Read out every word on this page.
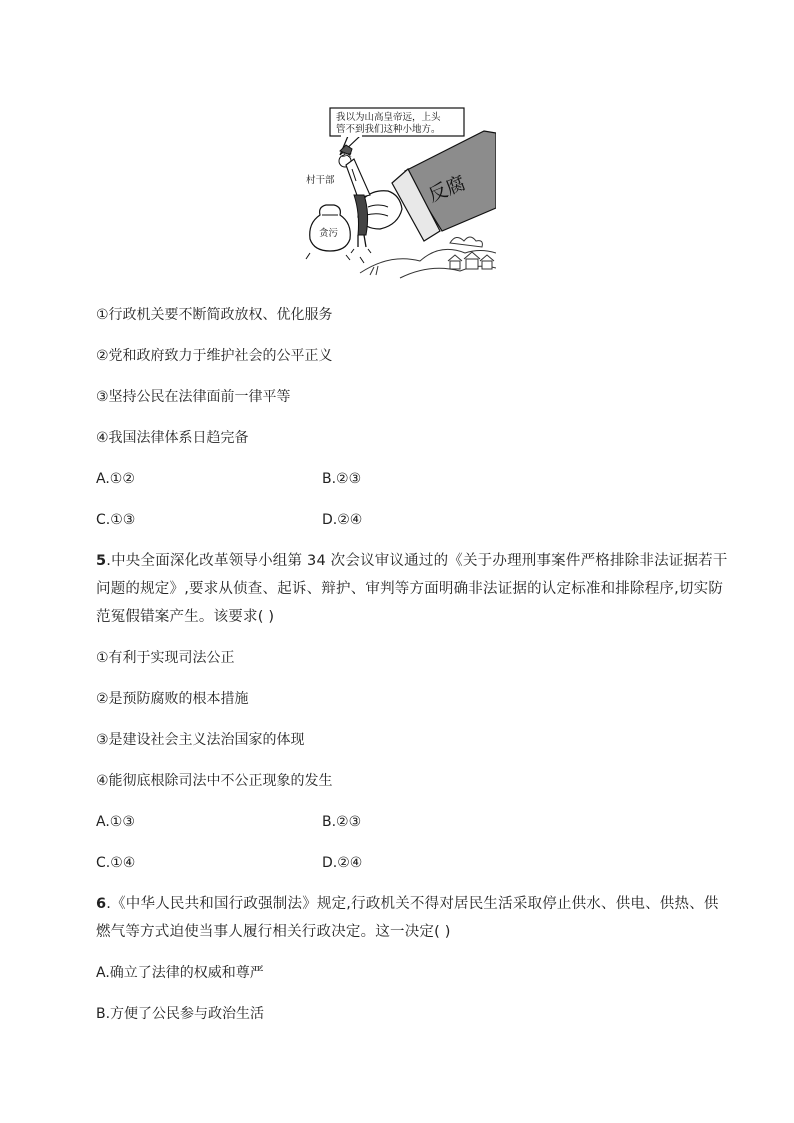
我以为山高皇帝远，上头
管不到我们这种小地方。
反腐
村干部
z z
贪污
①行政机关要不断简政放权、优化服务
②党和政府致力于维护社会的公平正义
③坚持公民在法律面前一律平等
④我国法律体系日趋完备
A.①②	B.②③
C.①③	D.②④
5.中央全面深化改革领导小组第 34 次会议审议通过的《关于办理刑事案件严格排除非法证据若干
问题的规定》,要求从侦查、起诉、辩护、审判等方面明确非法证据的认定标准和排除程序,切实防
范冤假错案产生。该要求( )
①有利于实现司法公正
②是预防腐败的根本措施
③是建设社会主义法治国家的体现
④能彻底根除司法中不公正现象的发生
A.①③	B.②③
C.①④	D.②④
6.《中华人民共和国行政强制法》规定,行政机关不得对居民生活采取停止供水、供电、供热、供
燃气等方式迫使当事人履行相关行政决定。这一决定( )
A.确立了法律的权威和尊严
B.方便了公民参与政治生活
